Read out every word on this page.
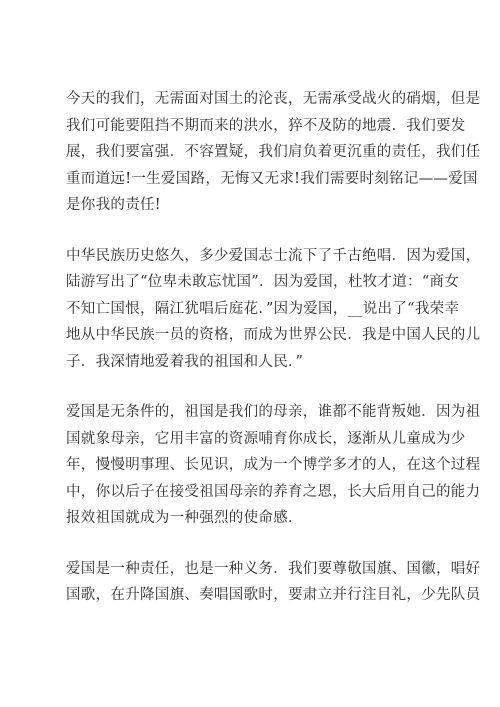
今天的我们，无需面对国土的沦丧，无需承受战火的硝烟，但是
我们可能要阻挡不期而来的洪水，猝不及防的地震．我们要发
展，我们要富强．不容置疑，我们肩负着更沉重的责任，我们任
重而道远!一生爱国路，无悔又无求!我们需要时刻铭记——爱国
是你我的责任!

中华民族历史悠久，多少爱国志士流下了千古绝唱．因为爱国，
陆游写出了“位卑未敢忘忧国”．因为爱国，杜牧才道：“商女
不知亡国恨，隔江犹唱后庭花．”因为爱国，__说出了“我荣幸
地从中华民族一员的资格，而成为世界公民．我是中国人民的儿
子．我深情地爱着我的祖国和人民．”

爱国是无条件的，祖国是我们的母亲，谁都不能背叛她．因为祖
国就象母亲，它用丰富的资源哺育你成长，逐渐从儿童成为少
年，慢慢明事理、长见识，成为一个博学多才的人，在这个过程
中，你以后子在接受祖国母亲的养育之恩，长大后用自己的能力
报效祖国就成为一种强烈的使命感．

爱国是一种责任，也是一种义务．我们要尊敬国旗、国徽，唱好
国歌，在升降国旗、奏唱国歌时，要肃立并行注目礼，少先队员
